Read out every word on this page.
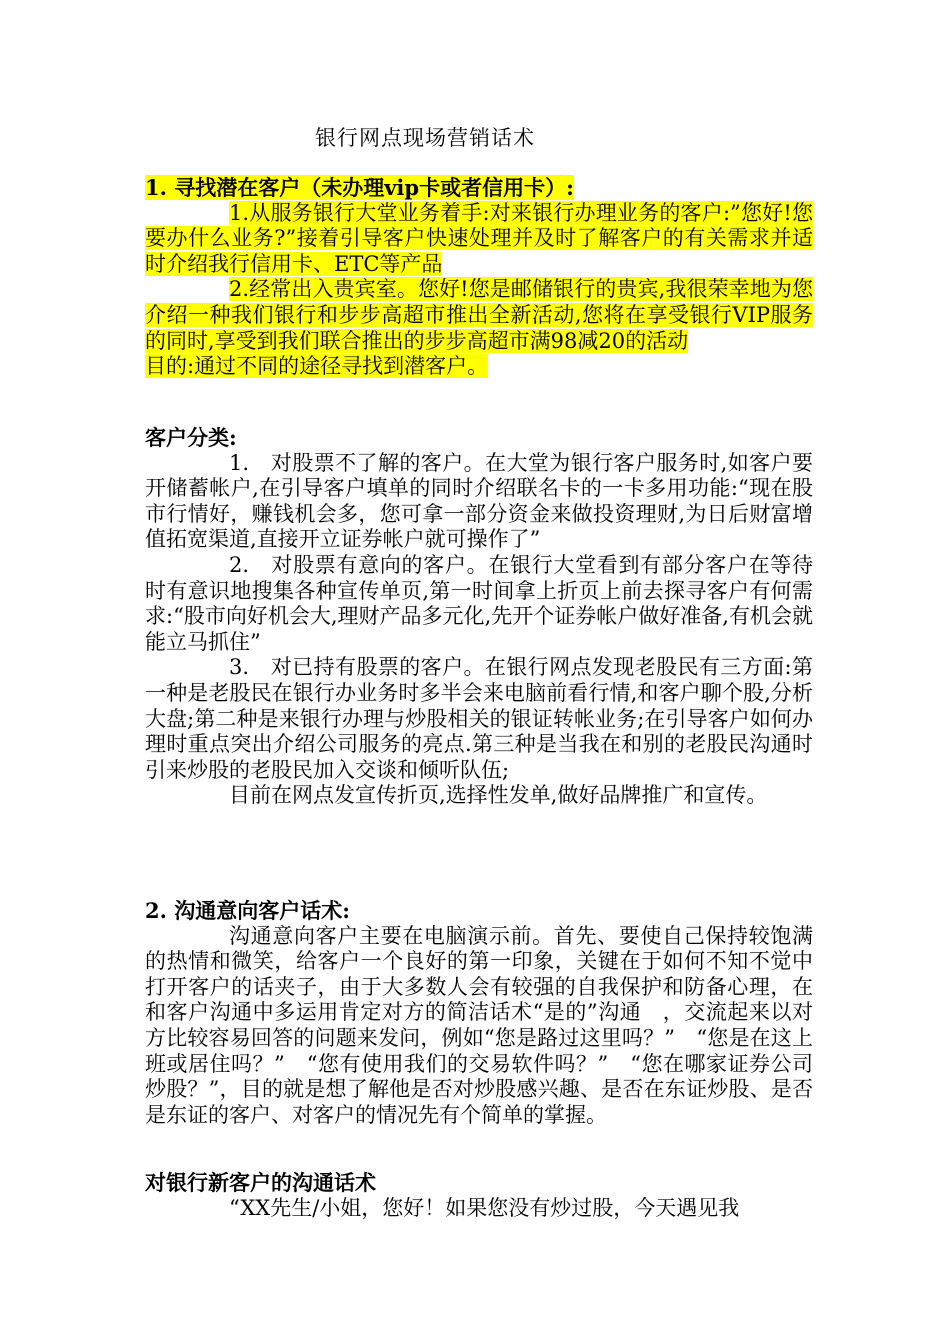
银行网点现场营销话术

1. 寻找潜在客户（未办理vip卡或者信用卡）:

1.从服务银行大堂业务着手:对来银行办理业务的客户:”您好!您要办什么业务?”接着引导客户快速处理并及时了解客户的有关需求并适时介绍我行信用卡、ETC等产品

2.经常出入贵宾室。您好!您是邮储银行的贵宾,我很荣幸地为您介绍一种我们银行和步步高超市推出全新活动,您将在享受银行VIP服务的同时,享受到我们联合推出的步步高超市满98减20的活动

目的:通过不同的途径寻找到潜客户。

客户分类:

1.　对股票不了解的客户。在大堂为银行客户服务时,如客户要开储蓄帐户,在引导客户填单的同时介绍联名卡的一卡多用功能:“现在股市行情好，赚钱机会多，您可拿一部分资金来做投资理财,为日后财富增值拓宽渠道,直接开立证券帐户就可操作了”

2.　对股票有意向的客户。在银行大堂看到有部分客户在等待时有意识地搜集各种宣传单页,第一时间拿上折页上前去探寻客户有何需求:“股市向好机会大,理财产品多元化,先开个证券帐户做好准备,有机会就能立马抓住”

3.　对已持有股票的客户。在银行网点发现老股民有三方面:第一种是老股民在银行办业务时多半会来电脑前看行情,和客户聊个股,分析大盘;第二种是来银行办理与炒股相关的银证转帐业务;在引导客户如何办理时重点突出介绍公司服务的亮点.第三种是当我在和别的老股民沟通时引来炒股的老股民加入交谈和倾听队伍;

目前在网点发宣传折页,选择性发单,做好品牌推广和宣传。

2. 沟通意向客户话术:

沟通意向客户主要在电脑演示前。首先、要使自己保持较饱满的热情和微笑，给客户一个良好的第一印象，关键在于如何不知不觉中打开客户的话夹子，由于大多数人会有较强的自我保护和防备心理，在和客户沟通中多运用肯定对方的简洁话术“是的”沟通　，交流起来以对方比较容易回答的问题来发问，例如“您是路过这里吗？”　“您是在这上班或居住吗？”　“您有使用我们的交易软件吗？”　“您在哪家证券公司炒股？”，目的就是想了解他是否对炒股感兴趣、是否在东证炒股、是否是东证的客户、对客户的情况先有个简单的掌握。

对银行新客户的沟通话术

“XX先生/小姐，您好！如果您没有炒过股，今天遇见我
